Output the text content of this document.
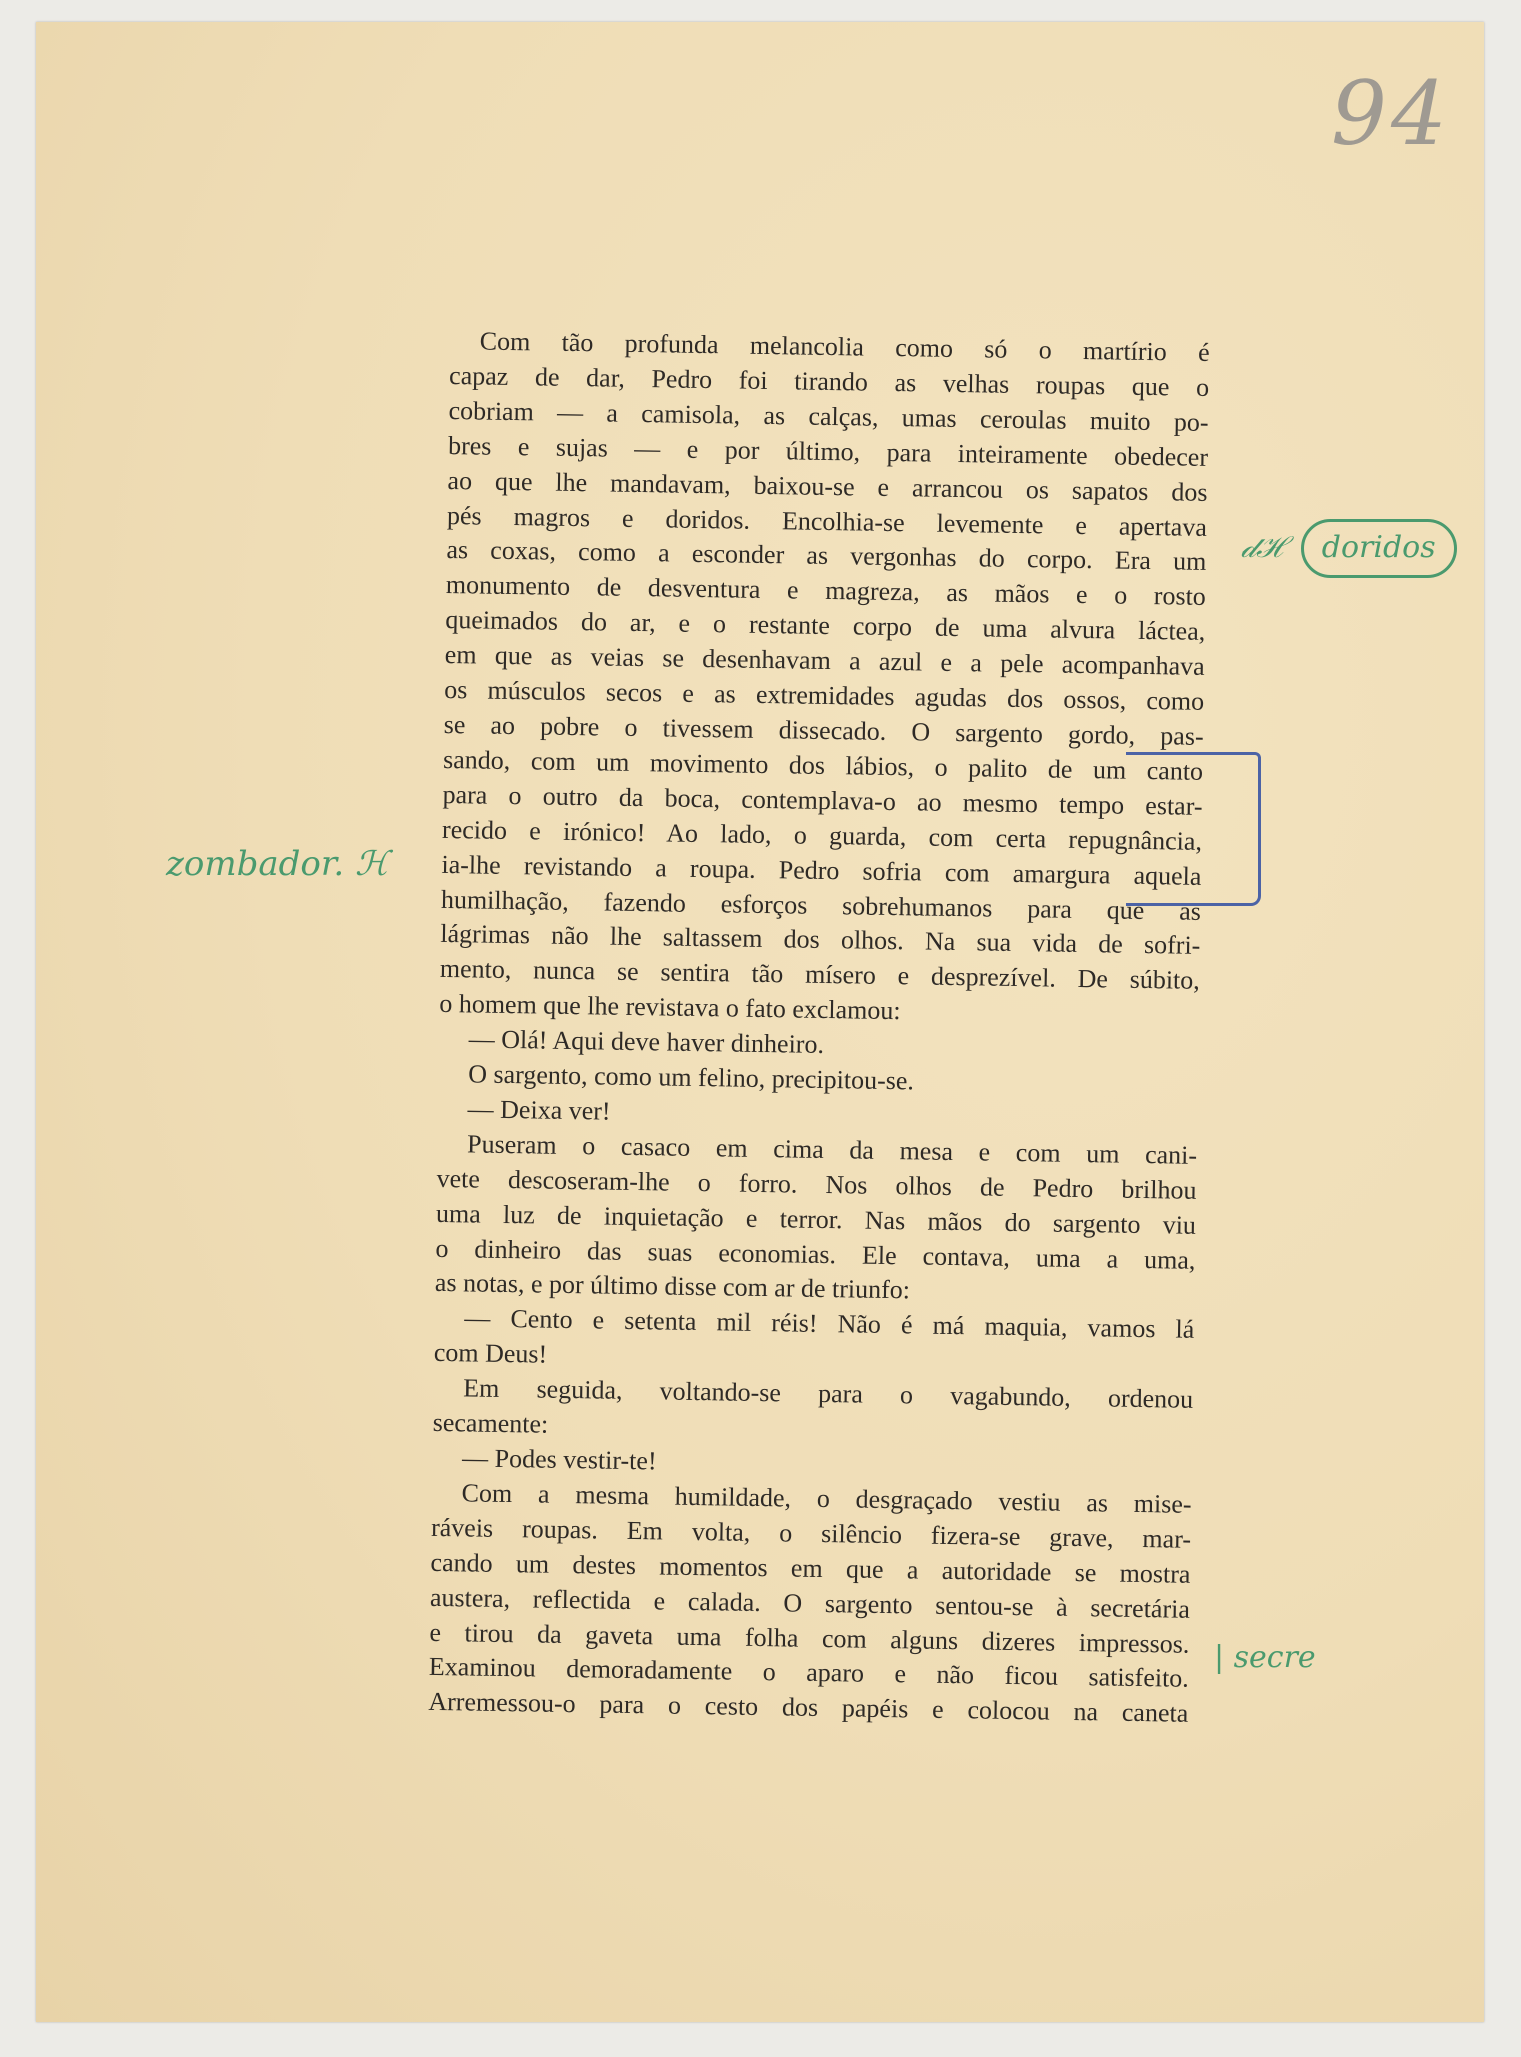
94
Com tão profunda melancolia como só o martírio é
capaz de dar, Pedro foi tirando as velhas roupas que o
cobriam — a camisola, as calças, umas ceroulas muito po-
bres e sujas — e por último, para inteiramente obedecer
ao que lhe mandavam, baixou-se e arrancou os sapatos dos
pés magros e doridos. Encolhia-se levemente e apertava
as coxas, como a esconder as vergonhas do corpo. Era um
monumento de desventura e magreza, as mãos e o rosto
queimados do ar, e o restante corpo de uma alvura láctea,
em que as veias se desenhavam a azul e a pele acompanhava
os músculos secos e as extremidades agudas dos ossos, como
se ao pobre o tivessem dissecado. O sargento gordo, pas-
sando, com um movimento dos lábios, o palito de um canto
para o outro da boca, contemplava-o ao mesmo tempo estar-
recido e irónico! Ao lado, o guarda, com certa repugnância,
ia-lhe revistando a roupa. Pedro sofria com amargura aquela
humilhação, fazendo esforços sobrehumanos para que as
lágrimas não lhe saltassem dos olhos. Na sua vida de sofri-
mento, nunca se sentira tão mísero e desprezível. De súbito,
o homem que lhe revistava o fato exclamou:
— Olá! Aqui deve haver dinheiro.
O sargento, como um felino, precipitou-se.
— Deixa ver!
Puseram o casaco em cima da mesa e com um cani-
vete descoseram-lhe o forro. Nos olhos de Pedro brilhou
uma luz de inquietação e terror. Nas mãos do sargento viu
o dinheiro das suas economias. Ele contava, uma a uma,
as notas, e por último disse com ar de triunfo:
— Cento e setenta mil réis! Não é má maquia, vamos lá
com Deus!
Em seguida, voltando-se para o vagabundo, ordenou
secamente:
— Podes vestir-te!
Com a mesma humildade, o desgraçado vestiu as mise-
ráveis roupas. Em volta, o silêncio fizera-se grave, mar-
cando um destes momentos em que a autoridade se mostra
austera, reflectida e calada. O sargento sentou-se à secretária
e tirou da gaveta uma folha com alguns dizeres impressos.
Examinou demoradamente o aparo e não ficou satisfeito.
Arremessou-o para o cesto dos papéis e colocou na caneta
𝒹ℋ doridos
zombador. ℋ
| secre
